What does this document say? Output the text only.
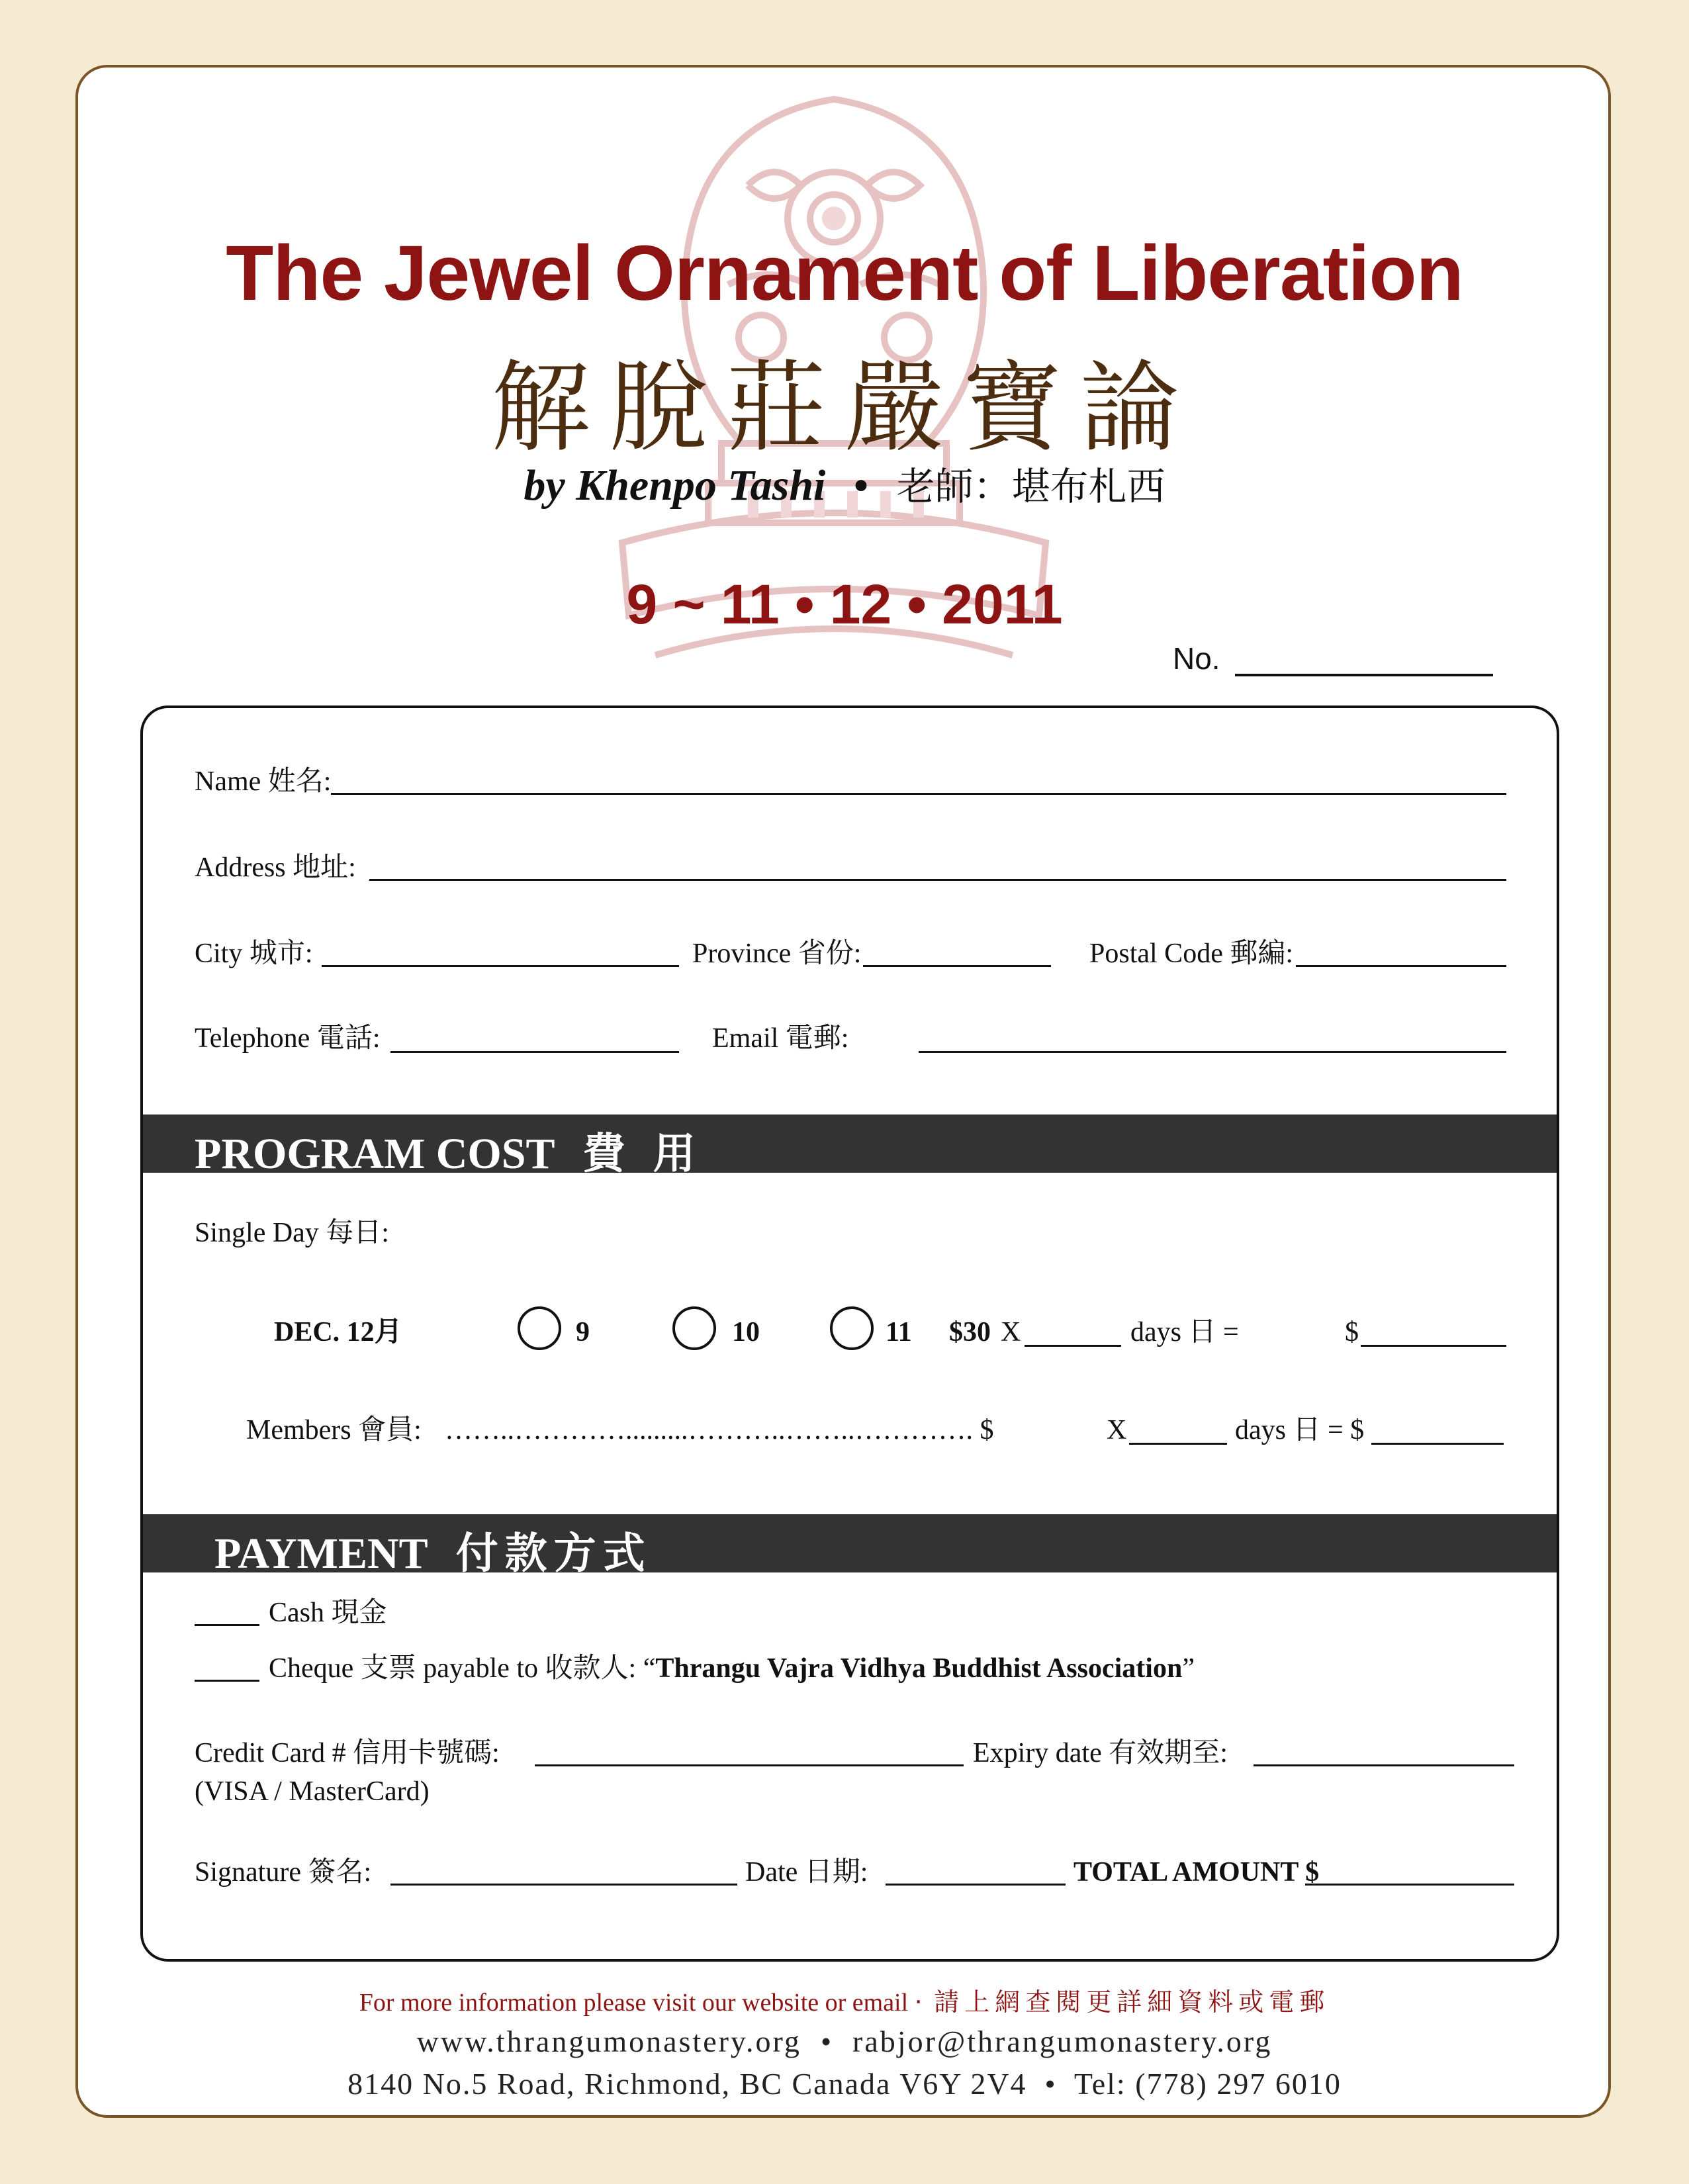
The Jewel Ornament of Liberation
解脫莊嚴寶論
by Khenpo Tashi • 老師：堪布札西
9 ~ 11 • 12 • 2011
No.
Name 姓名:
Address 地址:
City 城市:	Province 省份:	Postal Code 郵編:
Telephone 電話:	Email 電郵:
PROGRAM COST 費 用
Single Day 每日:
DEC. 12月	9	10	11 $30 X	days 日 =	$
Members 會員: ……..………….........………..……..…………. $	X	days 日 = $
PAYMENT 付款方式
Cash 現金
Cheque 支票 payable to 收款人: “Thrangu Vajra Vidhya Buddhist Association”
Credit Card # 信用卡號碼:	Expiry date 有效期至:
(VISA / MasterCard)
Signature 簽名:	Date 日期:	TOTAL AMOUNT $
For more information please visit our website or email · 請上網查閱更詳細資料或電郵
www.thrangumonastery.org • rabjor@thrangumonastery.org
8140 No.5 Road, Richmond, BC Canada V6Y 2V4 • Tel: (778) 297 6010
